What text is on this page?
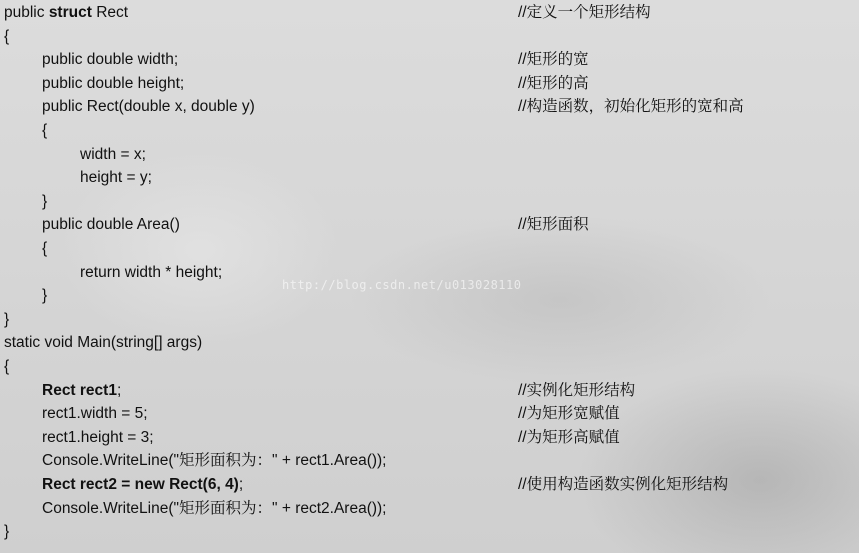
public struct Rect	//定义一个矩形结构
{
public double width;	//矩形的宽
public double height;	//矩形的高
public Rect(double x, double y)	//构造函数，初始化矩形的宽和高
{
width = x;
height = y;
}
public double Area()	//矩形面积
{
return width * height;
}
}
static void Main(string[] args)
{
Rect rect1;	//实例化矩形结构
rect1.width = 5;	//为矩形宽赋值
rect1.height = 3;	//为矩形高赋值
Console.WriteLine("矩形面积为：" + rect1.Area());
Rect rect2 = new Rect(6, 4);	//使用构造函数实例化矩形结构
Console.WriteLine("矩形面积为：" + rect2.Area());
}
http://blog.csdn.net/u013028110
